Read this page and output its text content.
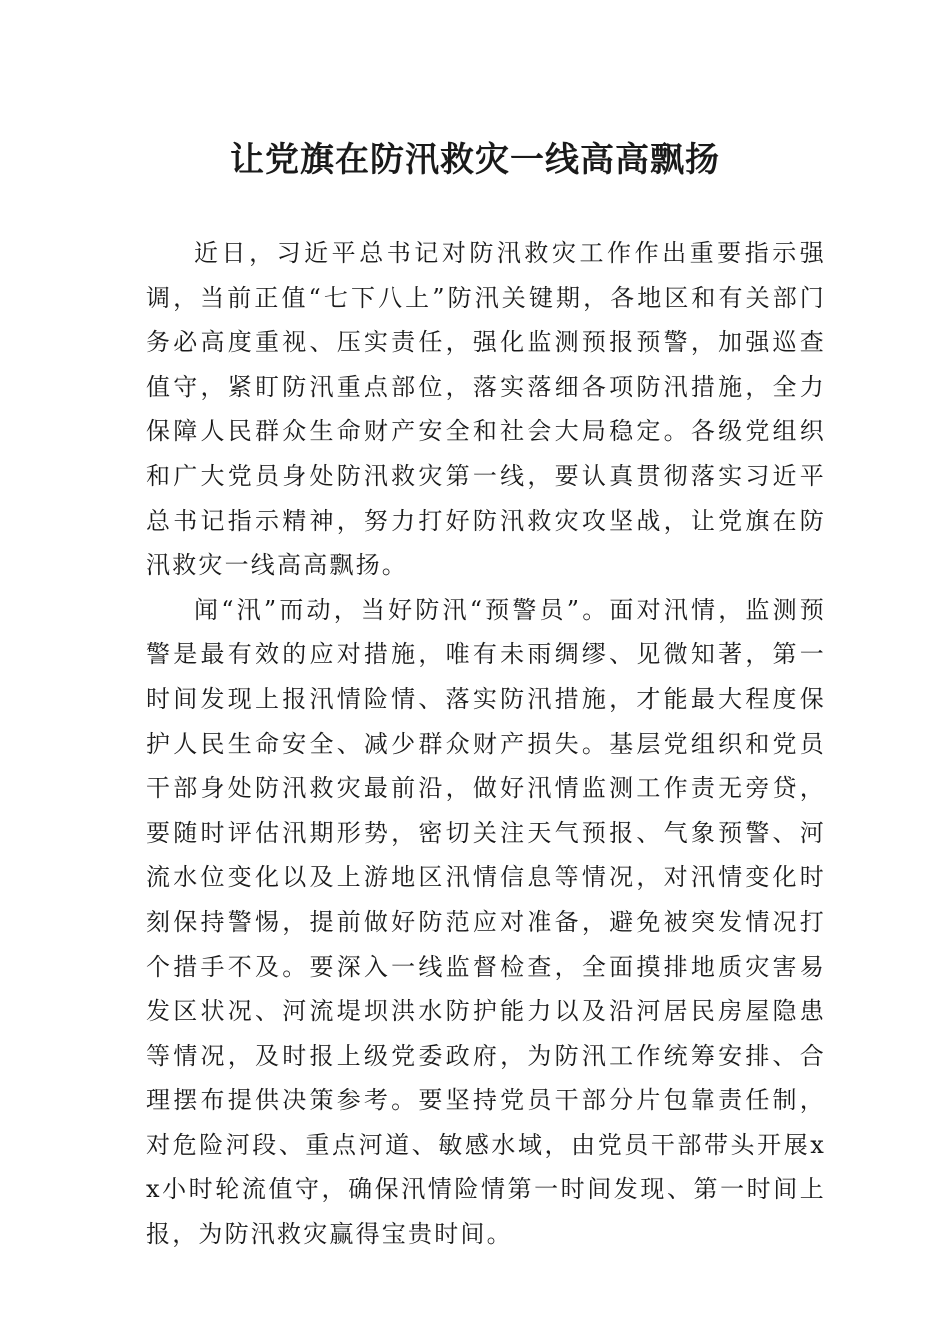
让党旗在防汛救灾一线高高飘扬

近日，习近平总书记对防汛救灾工作作出重要指示强调，当前正值“七下八上”防汛关键期，各地区和有关部门务必高度重视、压实责任，强化监测预报预警，加强巡查值守，紧盯防汛重点部位，落实落细各项防汛措施，全力保障人民群众生命财产安全和社会大局稳定。各级党组织和广大党员身处防汛救灾第一线，要认真贯彻落实习近平总书记指示精神，努力打好防汛救灾攻坚战，让党旗在防汛救灾一线高高飘扬。

闻“汛”而动，当好防汛“预警员”。面对汛情，监测预警是最有效的应对措施，唯有未雨绸缪、见微知著，第一时间发现上报汛情险情、落实防汛措施，才能最大程度保护人民生命安全、减少群众财产损失。基层党组织和党员干部身处防汛救灾最前沿，做好汛情监测工作责无旁贷，要随时评估汛期形势，密切关注天气预报、气象预警、河流水位变化以及上游地区汛情信息等情况，对汛情变化时刻保持警惕，提前做好防范应对准备，避免被突发情况打个措手不及。要深入一线监督检查，全面摸排地质灾害易发区状况、河流堤坝洪水防护能力以及沿河居民房屋隐患等情况，及时报上级党委政府，为防汛工作统筹安排、合理摆布提供决策参考。要坚持党员干部分片包靠责任制，对危险河段、重点河道、敏感水域，由党员干部带头开展xx小时轮流值守，确保汛情险情第一时间发现、第一时间上报，为防汛救灾赢得宝贵时间。
